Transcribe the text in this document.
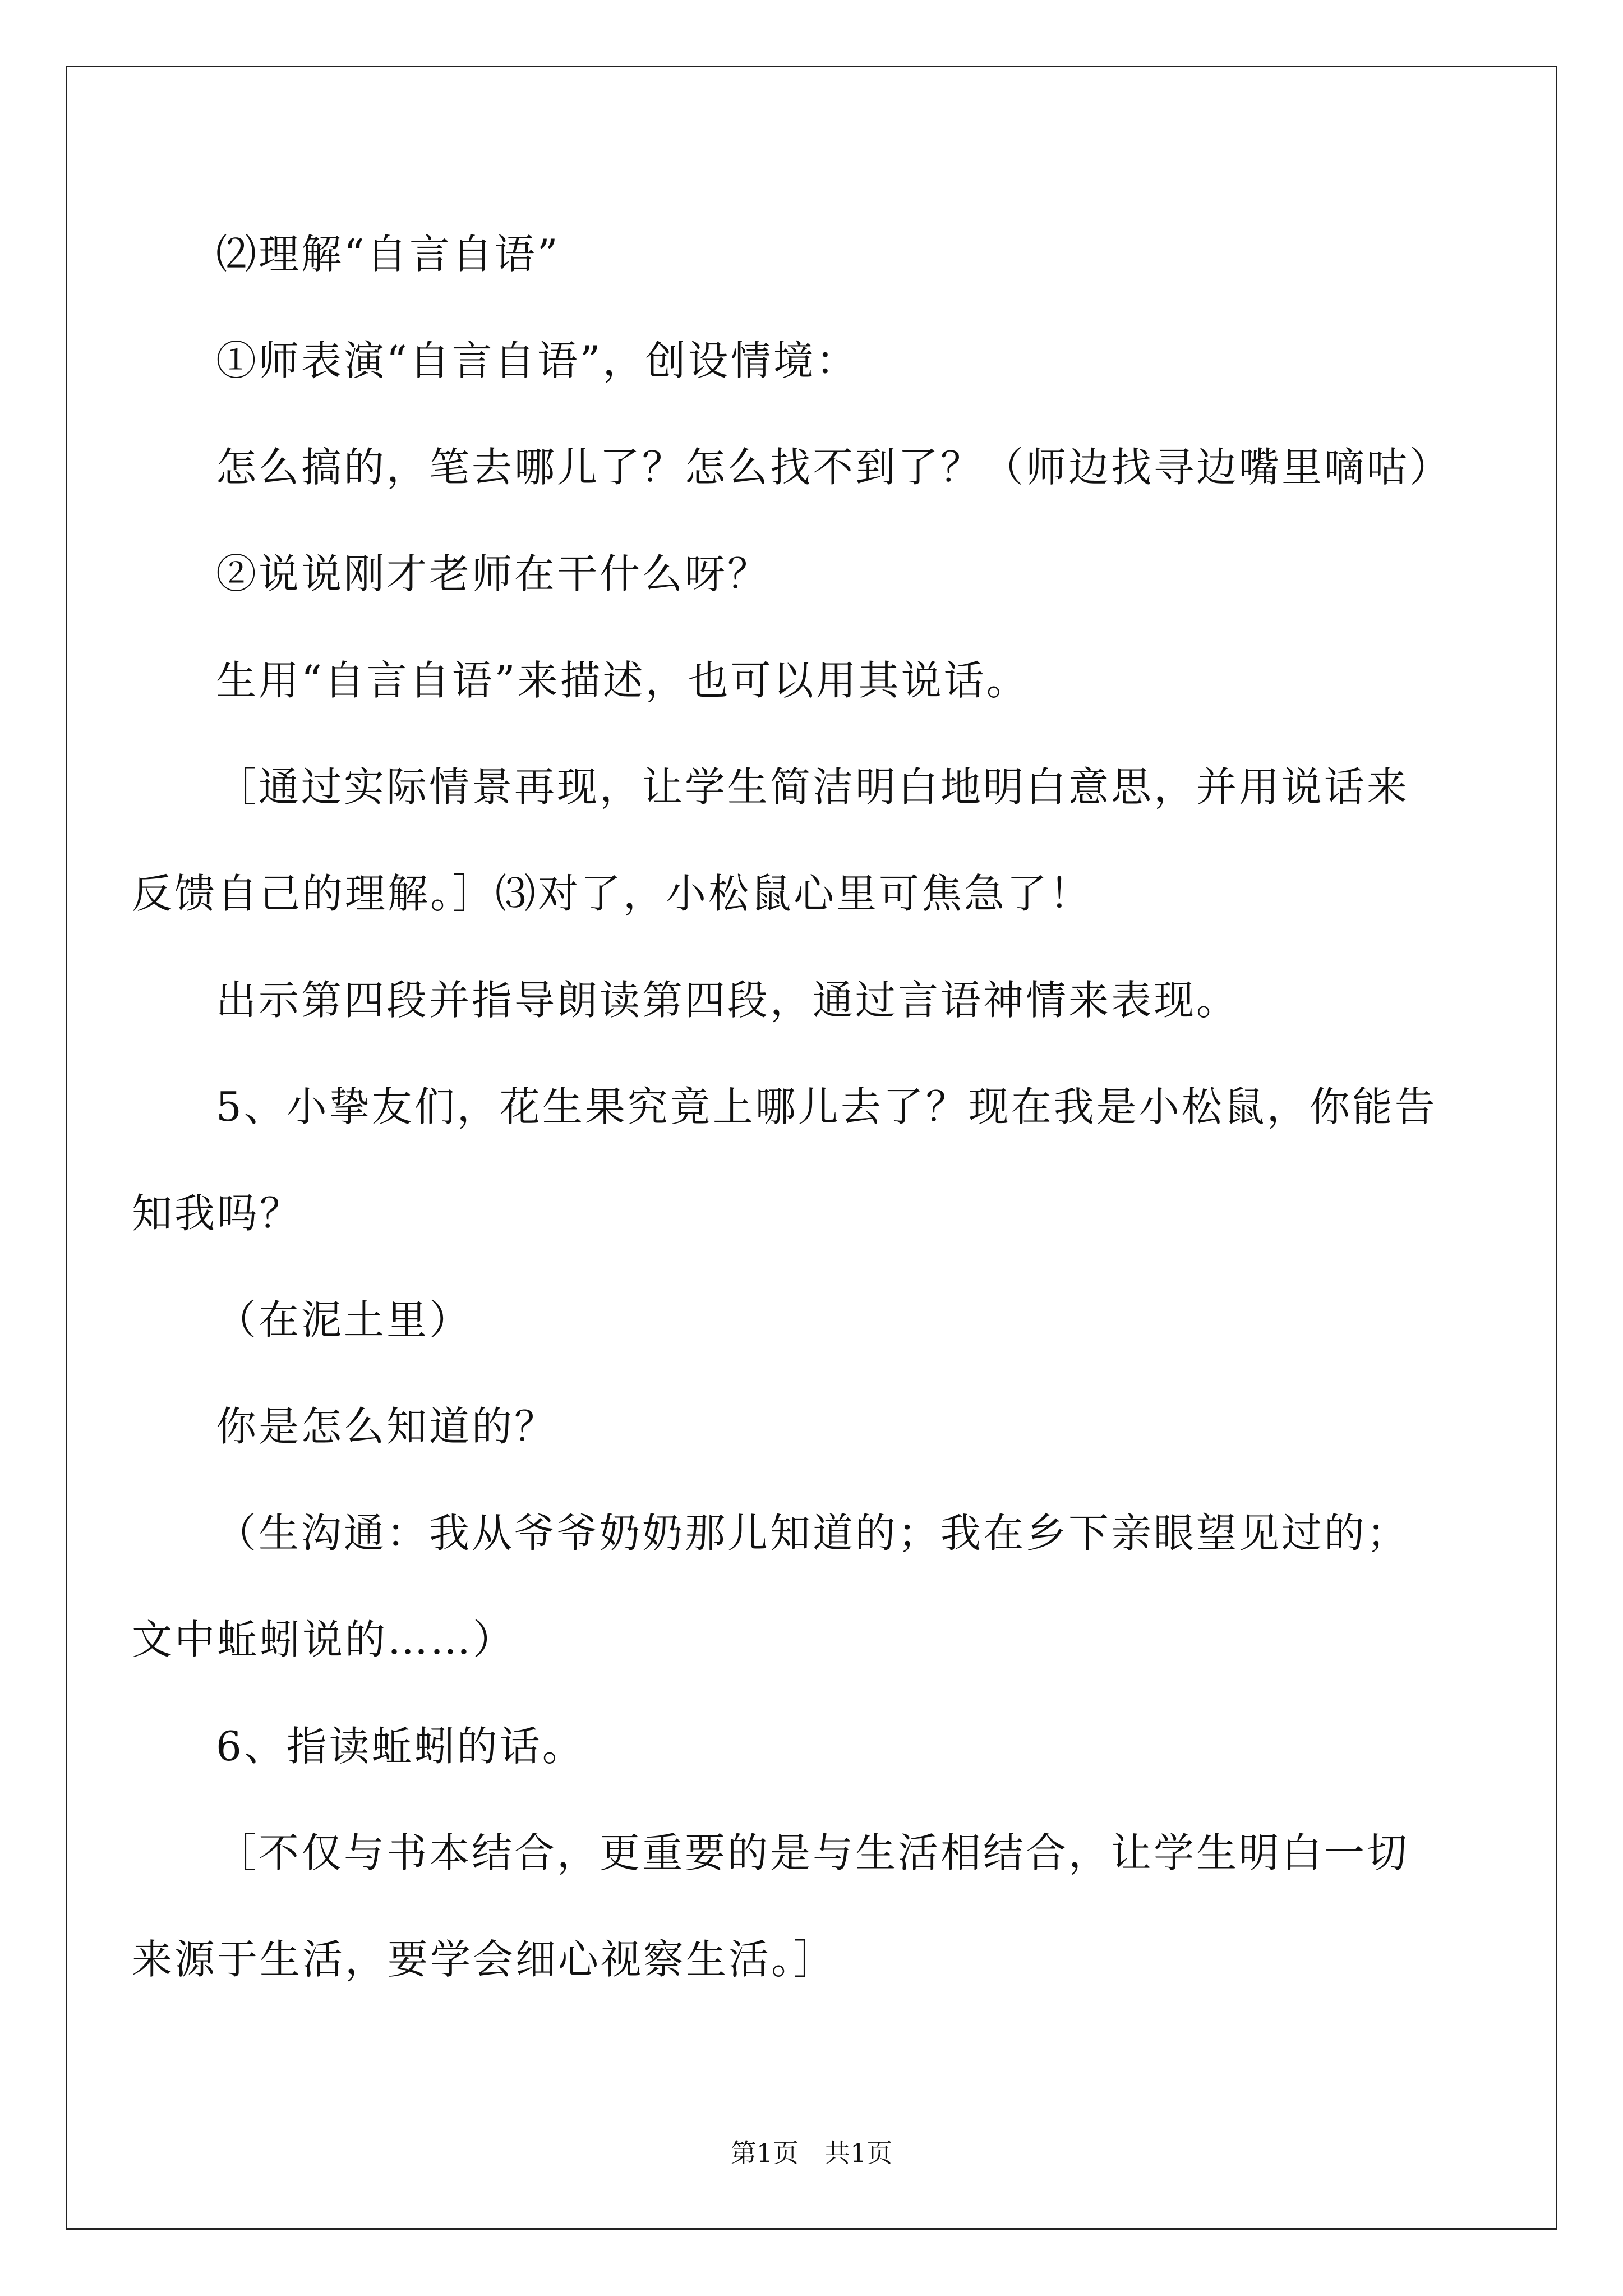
⑵理解“自言自语”
①师表演“自言自语”，创设情境：
怎么搞的，笔去哪儿了？怎么找不到了？（师边找寻边嘴里嘀咕）
②说说刚才老师在干什么呀？
生用“自言自语”来描述，也可以用其说话。
［通过实际情景再现，让学生简洁明白地明白意思，并用说话来
反馈自己的理解。］⑶对了，小松鼠心里可焦急了！
出示第四段并指导朗读第四段，通过言语神情来表现。
5、小挚友们，花生果究竟上哪儿去了？现在我是小松鼠，你能告
知我吗？
（在泥土里）
你是怎么知道的？
（生沟通：我从爷爷奶奶那儿知道的；我在乡下亲眼望见过的；
文中蚯蚓说的……）
6、指读蚯蚓的话。
［不仅与书本结合，更重要的是与生活相结合，让学生明白一切
来源于生活，要学会细心视察生活。］
第1页　共1页
